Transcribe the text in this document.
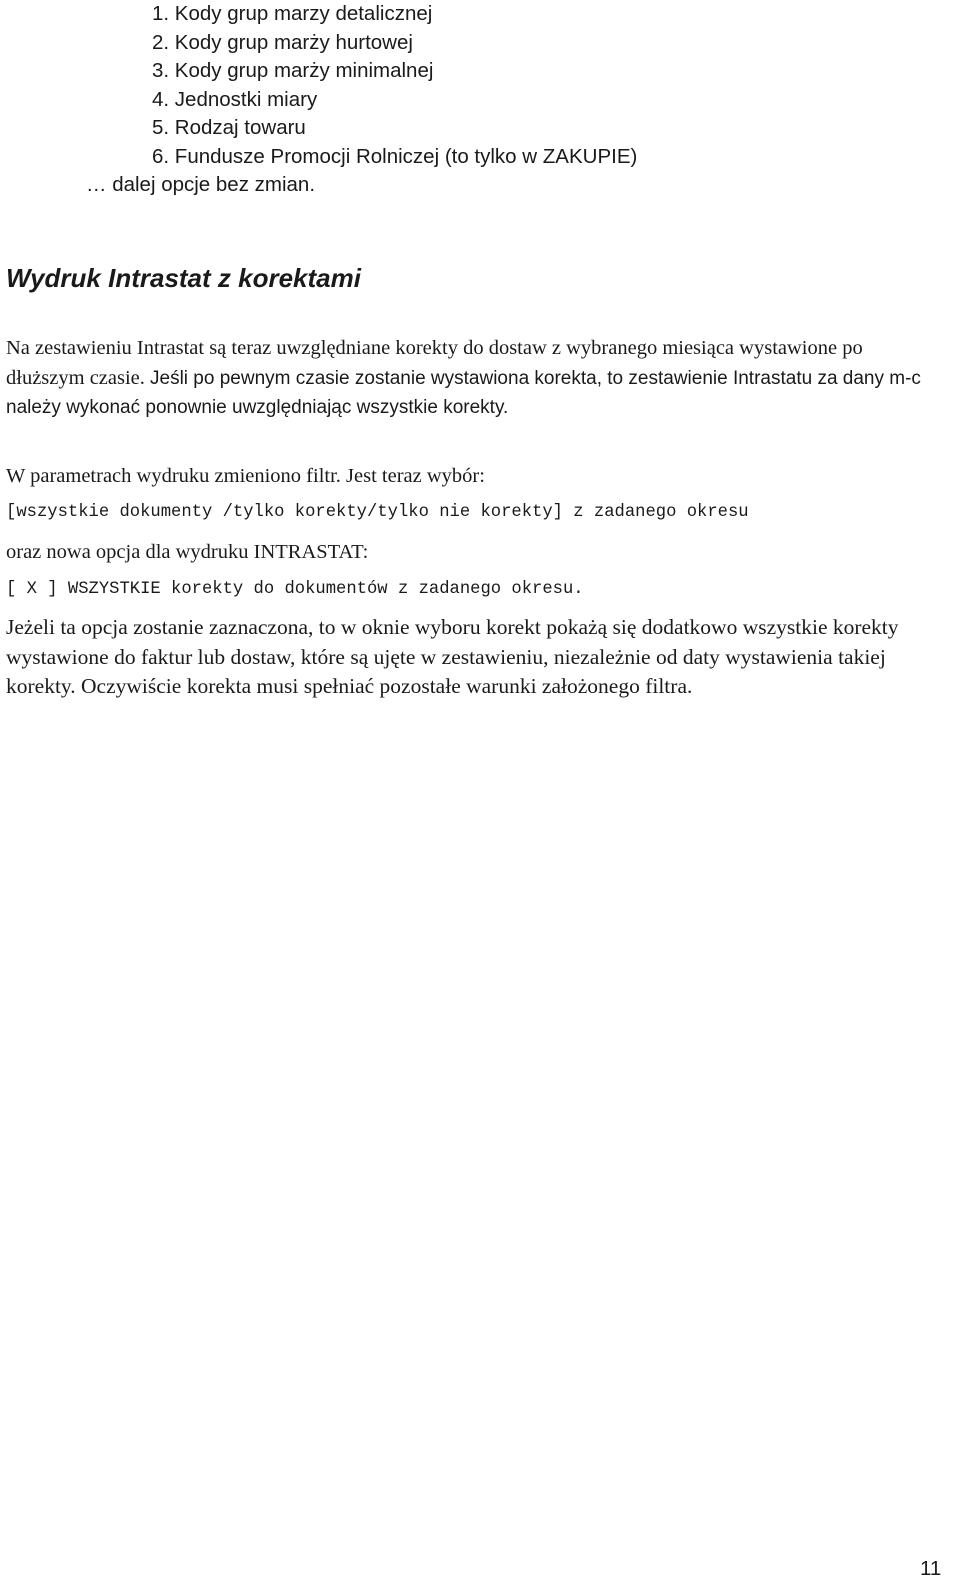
1. Kody grup marzy detalicznej
2. Kody grup marży hurtowej
3. Kody grup marży minimalnej
4. Jednostki miary
5. Rodzaj towaru
6. Fundusze Promocji Rolniczej (to tylko w ZAKUPIE)
… dalej opcje bez zmian.
Wydruk Intrastat z korektami
Na zestawieniu Intrastat są teraz uwzględniane korekty do dostaw z wybranego miesiąca wystawione po dłuższym czasie. Jeśli po pewnym czasie zostanie wystawiona korekta, to zestawienie Intrastatu za dany m-c należy wykonać ponownie uwzględniając wszystkie korekty.
W parametrach wydruku zmieniono filtr. Jest teraz wybór:
[wszystkie dokumenty /tylko korekty/tylko nie korekty] z zadanego okresu
oraz nowa opcja dla wydruku INTRASTAT:
[ X ] WSZYSTKIE korekty do dokumentów z zadanego okresu.
Jeżeli ta opcja zostanie zaznaczona, to w oknie wyboru korekt pokażą się dodatkowo wszystkie korekty wystawione do faktur lub dostaw, które są ujęte w zestawieniu, niezależnie od daty wystawienia takiej korekty. Oczywiście korekta musi spełniać pozostałe warunki założonego filtra.
11
